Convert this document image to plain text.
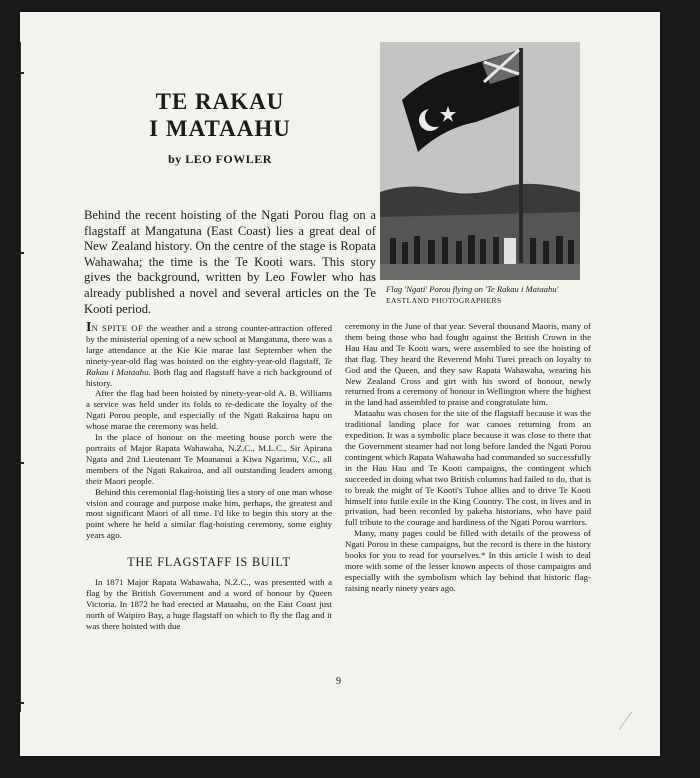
TE RAKAU
I MATAAHU
by LEO FOWLER

Behind the recent hoisting of the Ngati Porou flag on a flagstaff at Mangatuna (East Coast) lies a great deal of New Zealand history. On the centre of the stage is Ropata Wahawaha; the time is the Te Kooti wars. This story gives the background, written by Leo Fowler who has already published a novel and several articles on the Te Kooti period.

Flag 'Ngati' Porou flying on 'Te Rakau i Mataahu'      EASTLAND PHOTOGRAPHERS

IN SPITE OF the weather and a strong counter-attraction offered by the ministerial opening of a new school at Mangatuna, there was a large attendance at the Kie Kie marae last September when the ninety-year-old flag was hoisted on the eighty-year-old flagstaff, Te Rakau i Mataahu. Both flag and flagstaff have a rich background of history.

After the flag had been hoisted by ninety-year-old A. B. Williams a service was held under its folds to re-dedicate the loyalty of the Ngati Porou people, and especially of the Ngati Rakairoa hapu on whose marae the ceremony was held.

In the place of honour on the meeting house porch were the portraits of Major Rapata Wahawaha, N.Z.C., M.L.C., Sir Apirana Ngata and 2nd Lieutenant Te Moananui a Kiwa Ngarimu, V.C., all members of the Ngati Rakairoa, and all outstanding leaders among their Maori people.

Behind this ceremonial flag-hoisting lies a story of one man whose vision and courage and purpose make him, perhaps, the greatest and most significant Maori of all time. I'd like to begin this story at the point where he held a similar flag-hoisting ceremony, some eighty years ago.

THE FLAGSTAFF IS BUILT

In 1871 Major Rapata Wahawaha, N.Z.C., was presented with a flag by the British Government and a word of honour by Queen Victoria. In 1872 he had erected at Mataahu, on the East Coast just north of Waipiro Bay, a huge flagstaff on which to fly the flag and it was there hoisted with due

ceremony in the June of that year. Several thousand Maoris, many of them being those who had fought against the British Crown in the Hau Hau and Te Kooti wars, were assembled to see the hoisting of that flag. They heard the Reverend Mohi Turei preach on loyalty to God and the Queen, and they saw Rapata Wahawaha, wearing his New Zealand Cross and girt with his sword of honour, newly returned from a ceremony of honour in Wellington where the highest in the land had assembled to praise and congratulate him.

Mataahu was chosen for the site of the flagstaff because it was the traditional landing place for war canoes returning from an expedition. It was a symbolic place because it was close to there that the Government steamer had not long before landed the Ngati Porou contingent which Rapata Wahawaha had commanded so successfully in the Hau Hau and Te Kooti campaigns, the contingent which succeeded in doing what two British columns had failed to do, that is to break the might of Te Kooti's Tuhoe allies and to drive Te Kooti himself into futile exile in the King Country. The cost, in lives and in privation, had been recorded by pakeha historians, who have paid full tribute to the courage and hardiness of the Ngati Porou warriors.

Many, many pages could be filled with details of the prowess of Ngati Porou in these campaigns, but the record is there in the history books for you to read for yourselves.* In this article I wish to deal more with some of the lesser known aspects of those campaigns and especially with the symbolism which lay behind that historic flag-raising nearly ninety years ago.

9
